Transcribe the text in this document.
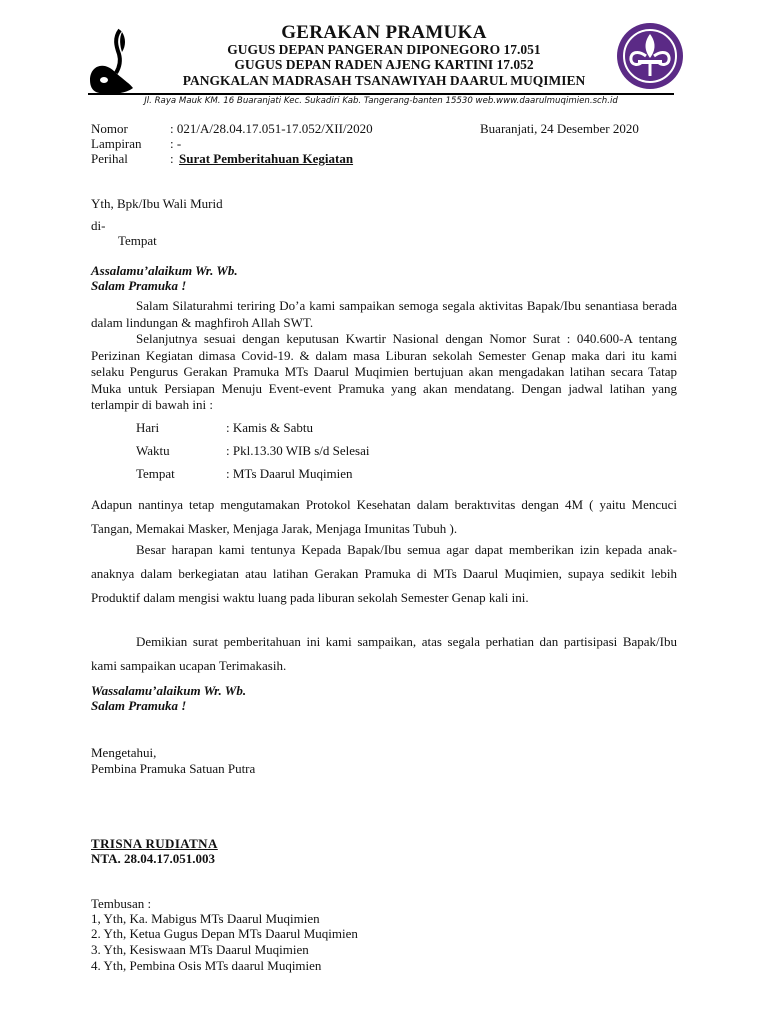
GERAKAN PRAMUKA
GUGUS DEPAN PANGERAN DIPONEGORO 17.051
GUGUS DEPAN RADEN AJENG KARTINI 17.052
PANGKALAN MADRASAH TSANAWIYAH DAARUL MUQIMIEN
Jl. Raya Mauk KM. 16 Buaranjati Kec. Sukadiri Kab. Tangerang-banten 15530 web.www.daarulmuqimien.sch.id
Nomor	: 021/A/28.04.17.051-17.052/XII/2020	Buaranjati, 24 Desember 2020
Lampiran : -
Perihal	: Surat Pemberitahuan Kegiatan
Yth, Bpk/Ibu Wali Murid
di-
Tempat
Assalamu’alaikum Wr. Wb.
Salam Pramuka !
Salam Silaturahmi teriring Do’a kami sampaikan semoga segala aktivitas Bapak/Ibu senantiasa berada dalam lindungan & maghfiroh Allah SWT.
Selanjutnya sesuai dengan keputusan Kwartir Nasional dengan Nomor Surat : 040.600-A tentang Perizinan Kegiatan dimasa Covid-19. & dalam masa Liburan sekolah Semester Genap maka dari itu kami selaku Pengurus Gerakan Pramuka MTs Daarul Muqimien bertujuan akan mengadakan latihan secara Tatap Muka untuk Persiapan Menuju Event-event Pramuka yang akan mendatang. Dengan jadwal latihan yang terlampir di bawah ini :
Hari	: Kamis & Sabtu
Waktu	: Pkl.13.30 WIB s/d Selesai
Tempat	: MTs Daarul Muqimien
Adapun nantinya tetap mengutamakan Protokol Kesehatan dalam beraktıvitas dengan 4M ( yaitu Mencuci Tangan, Memakai Masker, Menjaga Jarak, Menjaga Imunitas Tubuh ).
Besar harapan kami tentunya Kepada Bapak/Ibu semua agar dapat memberikan izin kepada anak-anaknya dalam berkegiatan atau latihan Gerakan Pramuka di MTs Daarul Muqimien, supaya sedikit lebih Produktif dalam mengisi waktu luang pada liburan sekolah Semester Genap kali ini.
Demikian surat pemberitahuan ini kami sampaikan, atas segala perhatian dan partisipasi Bapak/Ibu kami sampaikan ucapan Terimakasih.
Wassalamu’alaikum Wr. Wb.
Salam Pramuka !
Mengetahui,
Pembina Pramuka Satuan Putra
TRISNA RUDIATNA
NTA. 28.04.17.051.003
Tembusan :
1, Yth, Ka. Mabigus MTs Daarul Muqimien
2. Yth, Ketua Gugus Depan MTs Daarul Muqimien
3. Yth, Kesiswaan MTs Daarul Muqimien
4. Yth, Pembina Osis MTs daarul Muqimien
